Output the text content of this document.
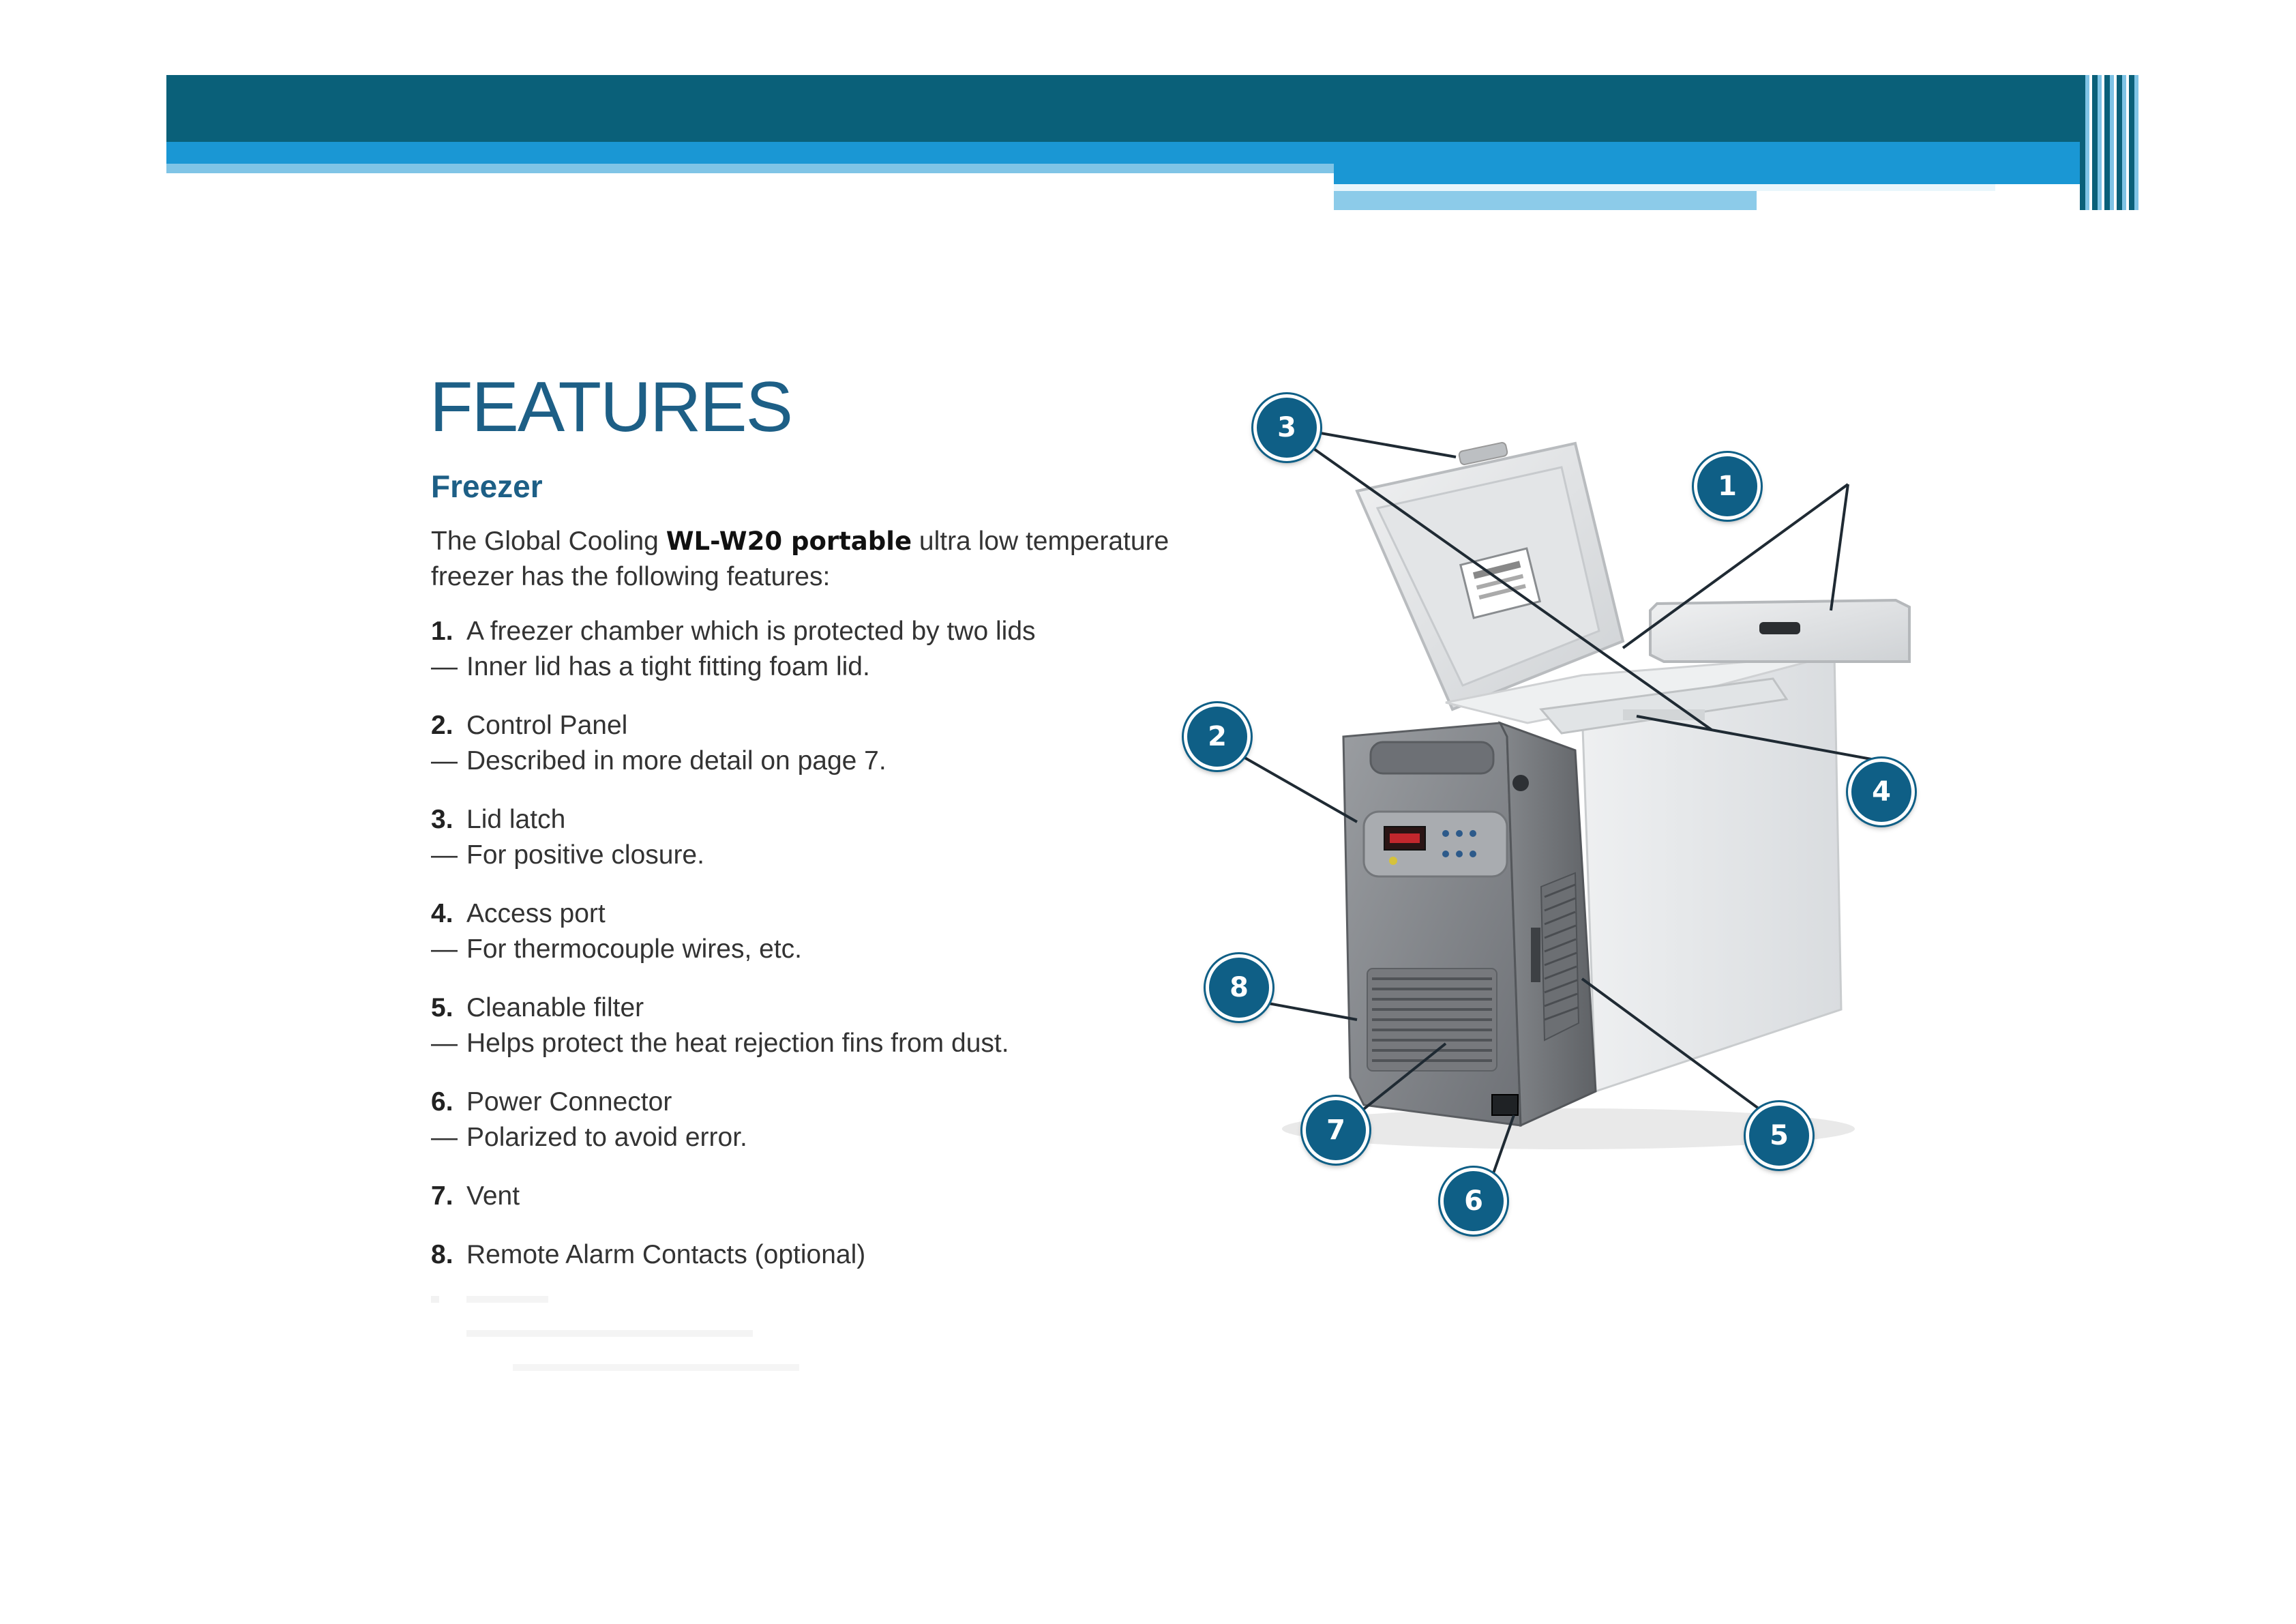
FEATURES
Freezer

The Global Cooling WL-W20 portable ultra low temperature freezer has the following features:

1. A freezer chamber which is protected by two lids
— Inner lid has a tight fitting foam lid.
2. Control Panel
— Described in more detail on page 7.
3. Lid latch
— For positive closure.
4. Access port
— For thermocouple wires, etc.
5. Cleanable filter
— Helps protect the heat rejection fins from dust.
6. Power Connector
— Polarized to avoid error.
7. Vent
8. Remote Alarm Contacts (optional)
1
2
3
4
5
6
7
8
